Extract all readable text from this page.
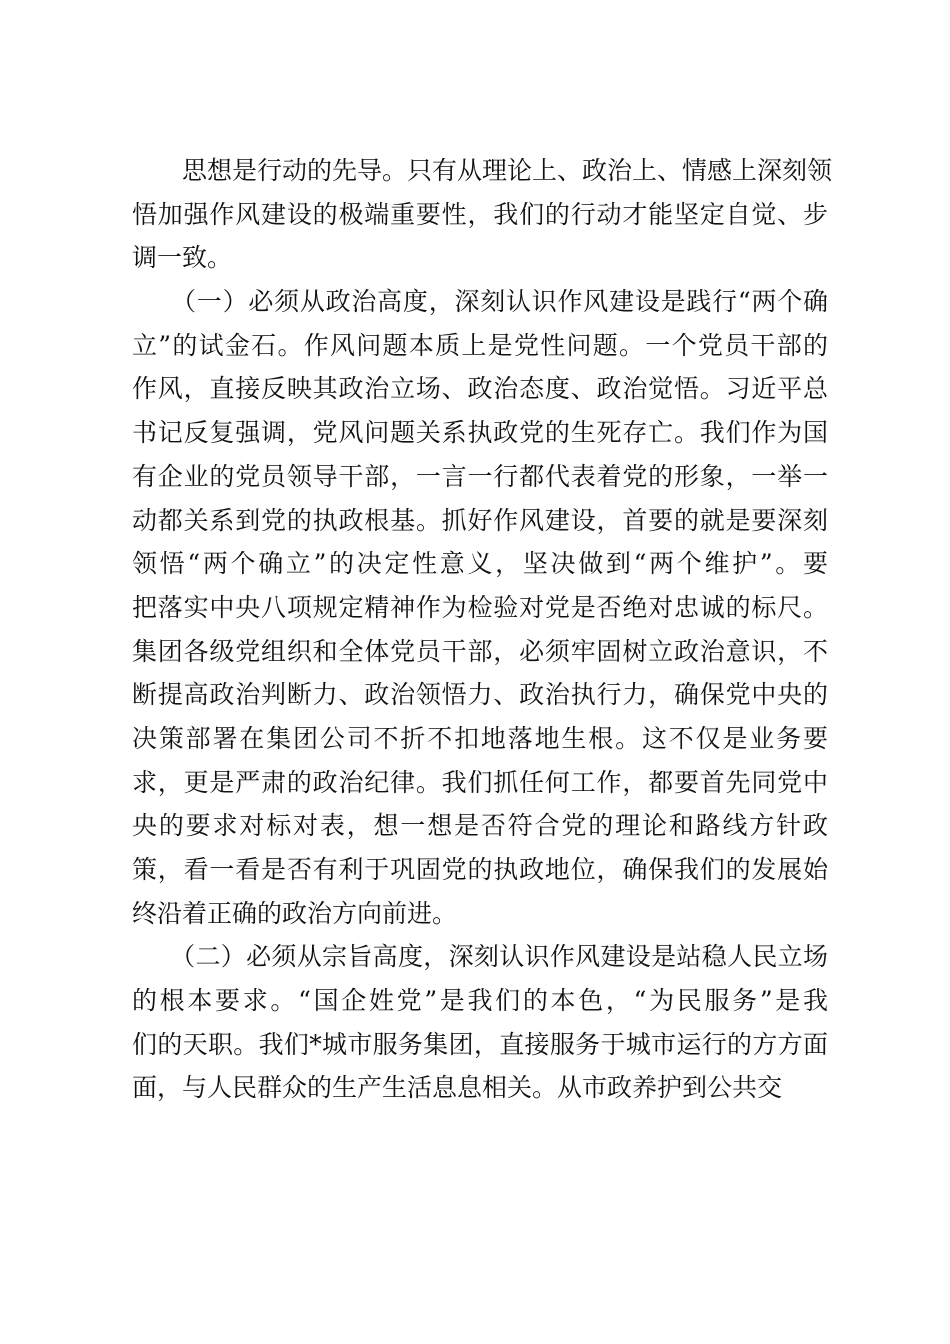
　　思想是行动的先导。只有从理论上、政治上、情感上深刻领
悟加强作风建设的极端重要性，我们的行动才能坚定自觉、步
调一致。
　　（一）必须从政治高度，深刻认识作风建设是践行“两个确
立”的试金石。作风问题本质上是党性问题。一个党员干部的
作风，直接反映其政治立场、政治态度、政治觉悟。习近平总
书记反复强调，党风问题关系执政党的生死存亡。我们作为国
有企业的党员领导干部，一言一行都代表着党的形象，一举一
动都关系到党的执政根基。抓好作风建设，首要的就是要深刻
领悟“两个确立”的决定性意义，坚决做到“两个维护”。要
把落实中央八项规定精神作为检验对党是否绝对忠诚的标尺。
集团各级党组织和全体党员干部，必须牢固树立政治意识，不
断提高政治判断力、政治领悟力、政治执行力，确保党中央的
决策部署在集团公司不折不扣地落地生根。这不仅是业务要
求，更是严肃的政治纪律。我们抓任何工作，都要首先同党中
央的要求对标对表，想一想是否符合党的理论和路线方针政
策，看一看是否有利于巩固党的执政地位，确保我们的发展始
终沿着正确的政治方向前进。
　　（二）必须从宗旨高度，深刻认识作风建设是站稳人民立场
的根本要求。“国企姓党”是我们的本色，“为民服务”是我
们的天职。我们*城市服务集团，直接服务于城市运行的方方面
面，与人民群众的生产生活息息相关。从市政养护到公共交
